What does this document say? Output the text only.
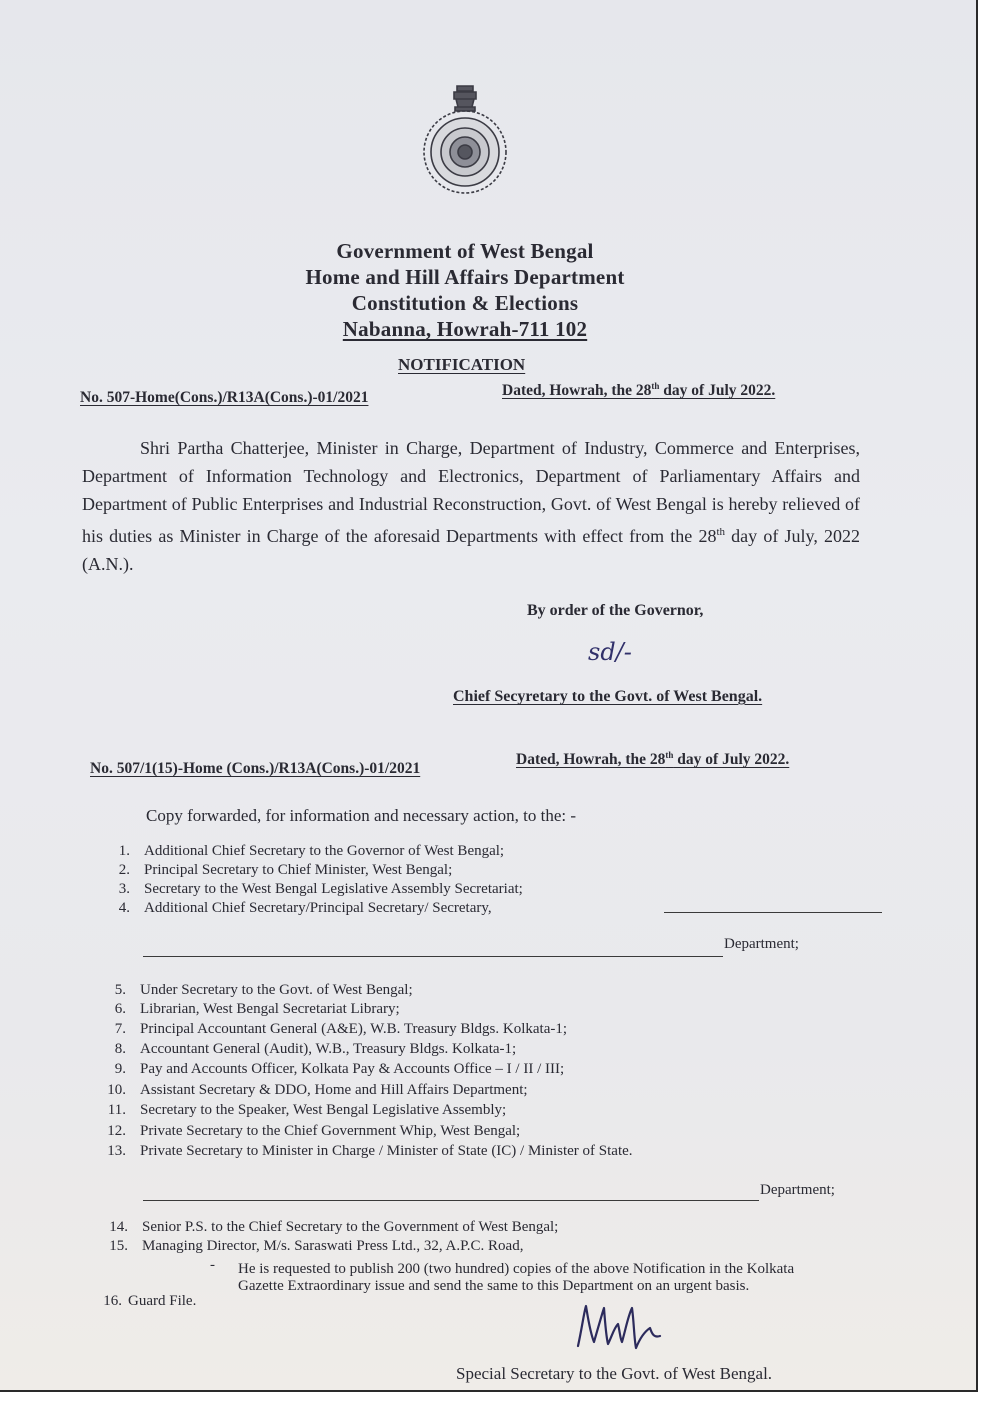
Government of West Bengal
Home and Hill Affairs Department
Constitution & Elections
Nabanna, Howrah-711 102
NOTIFICATION
No. 507-Home(Cons.)/R13A(Cons.)-01/2021	Dated, Howrah, the 28th day of July 2022.
Shri Partha Chatterjee, Minister in Charge, Department of Industry, Commerce and Enterprises, Department of Information Technology and Electronics, Department of Parliamentary Affairs and Department of Public Enterprises and Industrial Reconstruction, Govt. of West Bengal is hereby relieved of his duties as Minister in Charge of the aforesaid Departments with effect from the 28th day of July, 2022 (A.N.).
By order of the Governor,
sd/-
Chief Secyretary to the Govt. of West Bengal.
No. 507/1(15)-Home (Cons.)/R13A(Cons.)-01/2021
Dated, Howrah, the 28th day of July 2022.
Copy forwarded, for information and necessary action, to the: -
1. Additional Chief Secretary to the Governor of West Bengal;
2. Principal Secretary to Chief Minister, West Bengal;
3. Secretary to the West Bengal Legislative Assembly Secretariat;
4. Additional Chief Secretary/Principal Secretary/ Secretary,
Department;
5. Under Secretary to the Govt. of West Bengal;
6. Librarian, West Bengal Secretariat Library;
7. Principal Accountant General (A&E), W.B. Treasury Bldgs. Kolkata-1;
8. Accountant General (Audit), W.B., Treasury Bldgs. Kolkata-1;
9. Pay and Accounts Officer, Kolkata Pay & Accounts Office – I / II / III;
10. Assistant Secretary & DDO, Home and Hill Affairs Department;
11. Secretary to the Speaker, West Bengal Legislative Assembly;
12. Private Secretary to the Chief Government Whip, West Bengal;
13. Private Secretary to Minister in Charge / Minister of State (IC) / Minister of State.
Department;
14. Senior P.S. to the Chief Secretary to the Government of West Bengal;
15. Managing Director, M/s. Saraswati Press Ltd., 32, A.P.C. Road,
- He is requested to publish 200 (two hundred) copies of the above Notification in the Kolkata
Gazette Extraordinary issue and send the same to this Department on an urgent basis.
16. Guard File.
Special Secretary to the Govt. of West Bengal.
